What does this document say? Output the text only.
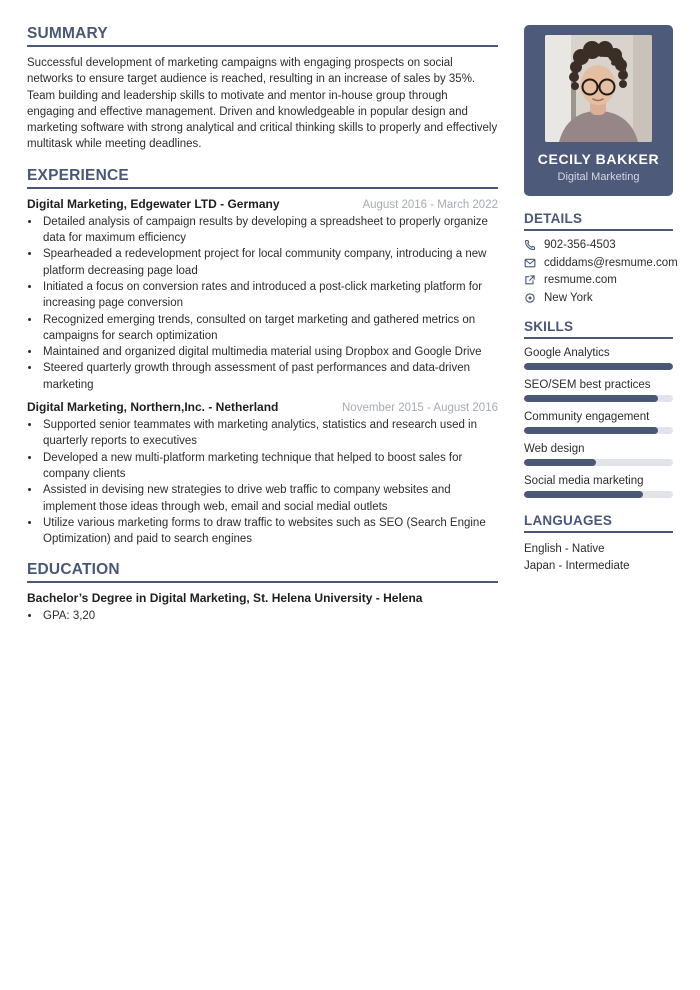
SUMMARY

Successful development of marketing campaigns with engaging prospects on social networks to ensure target audience is reached, resulting in an increase of sales by 35%. Team building and leadership skills to motivate and mentor in-house group through engaging and effective management. Driven and knowledgeable in popular design and marketing software with strong analytical and critical thinking skills to properly and effectively multitask while meeting deadlines.

EXPERIENCE
Digital Marketing, Edgewater LTD - Germany	August 2016 - March 2022
• Detailed analysis of campaign results by developing a spreadsheet to properly organize data for maximum efficiency
• Spearheaded a redevelopment project for local community company, introducing a new platform decreasing page load
• Initiated a focus on conversion rates and introduced a post-click marketing platform for increasing page conversion
• Recognized emerging trends, consulted on target marketing and gathered metrics on campaigns for search optimization
• Maintained and organized digital multimedia material using Dropbox and Google Drive
• Steered quarterly growth through assessment of past performances and data-driven marketing
Digital Marketing, Northern,Inc. - Netherland	November 2015 - August 2016
• Supported senior teammates with marketing analytics, statistics and research used in quarterly reports to executives
• Developed a new multi-platform marketing technique that helped to boost sales for company clients
• Assisted in devising new strategies to drive web traffic to company websites and implement those ideas through web, email and social medial outlets
• Utilize various marketing forms to draw traffic to websites such as SEO (Search Engine Optimization) and paid to search engines
EDUCATION
Bachelor’s Degree in Digital Marketing, St. Helena University - Helena
• GPA: 3,20
CECILY BAKKER
Digital Marketing
DETAILS
902-356-4503
cdiddams@resmume.com
resmume.com
New York
SKILLS
Google Analytics
SEO/SEM best practices
Community engagement
Web design
Social media marketing
LANGUAGES
English - Native
Japan - Intermediate
